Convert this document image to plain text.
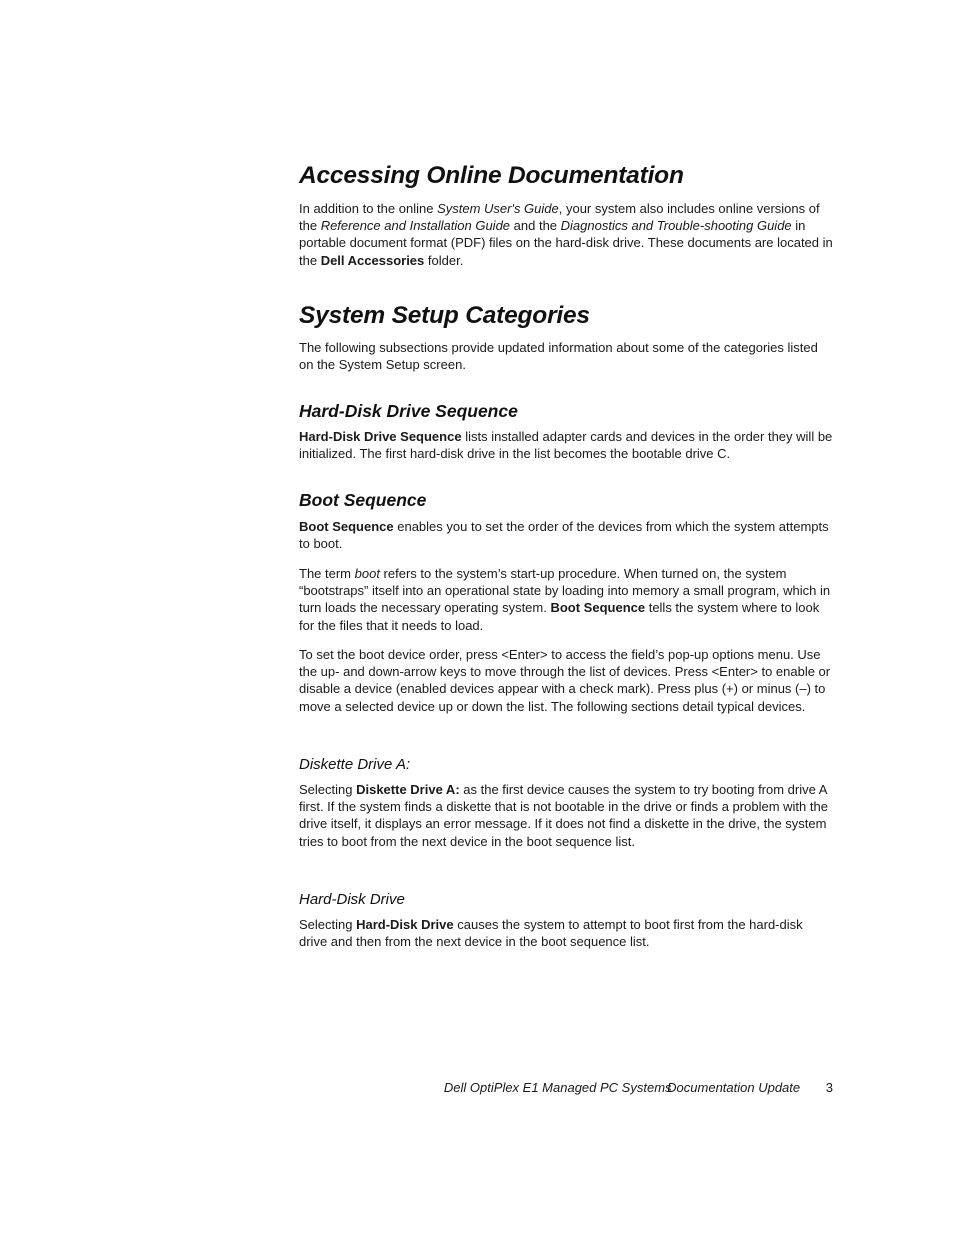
Accessing Online Documentation

In addition to the online System User's Guide, your system also includes online versions of the Reference and Installation Guide and the Diagnostics and Trouble-shooting Guide in portable document format (PDF) files on the hard-disk drive. These documents are located in the Dell Accessories folder.

System Setup Categories

The following subsections provide updated information about some of the categories listed on the System Setup screen.

Hard-Disk Drive Sequence

Hard-Disk Drive Sequence lists installed adapter cards and devices in the order they will be initialized. The first hard-disk drive in the list becomes the bootable drive C.

Boot Sequence

Boot Sequence enables you to set the order of the devices from which the system attempts to boot.

The term boot refers to the system’s start-up procedure. When turned on, the system “bootstraps” itself into an operational state by loading into memory a small program, which in turn loads the necessary operating system. Boot Sequence tells the system where to look for the files that it needs to load.

To set the boot device order, press <Enter> to access the field’s pop-up options menu. Use the up- and down-arrow keys to move through the list of devices. Press <Enter> to enable or disable a device (enabled devices appear with a check mark). Press plus (+) or minus (–) to move a selected device up or down the list. The following sections detail typical devices.

Diskette Drive A:

Selecting Diskette Drive A: as the first device causes the system to try booting from drive A first. If the system finds a diskette that is not bootable in the drive or finds a problem with the drive itself, it displays an error message. If it does not find a diskette in the drive, the system tries to boot from the next device in the boot sequence list.

Hard-Disk Drive

Selecting Hard-Disk Drive causes the system to attempt to boot first from the hard-disk drive and then from the next device in the boot sequence list.

Dell OptiPlex E1 Managed PC Systems Documentation Update 3
